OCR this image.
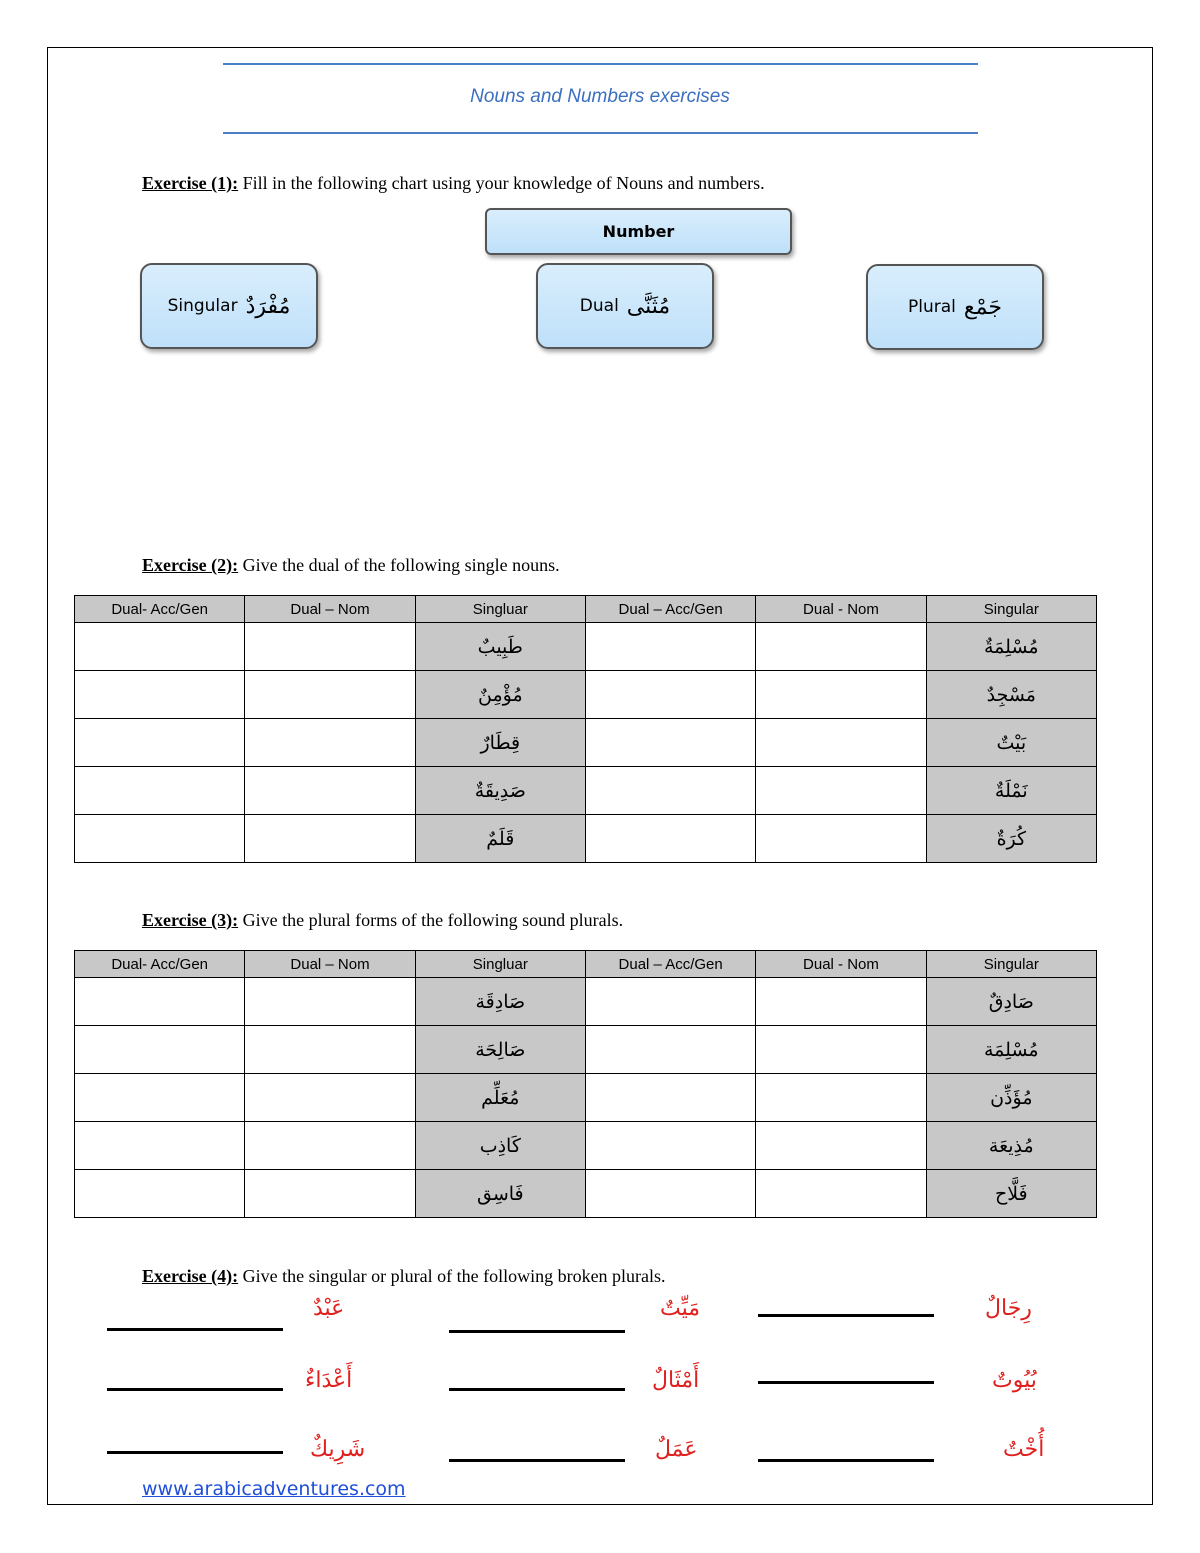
Nouns and Numbers exercises
Exercise (1): Fill in the following chart using your knowledge of Nouns and numbers.
Number
Singular مُفْرَدٌ	Dual مُثَنَّى	Plural جَمْع
Exercise (2): Give the dual of the following single nouns.
Dual- Acc/Gen	Dual – Nom	Singluar	Dual – Acc/Gen	Dual - Nom	Singular
		طَبِيبٌ			مُسْلِمَةٌ
		مُؤْمِنٌ			مَسْجِدٌ
		قِطَارٌ			بَيْتٌ
		صَدِيقَةٌ			نَمْلَةٌ
		قَلَمٌ			كُرَةٌ
Exercise (3): Give the plural forms of the following sound plurals.
Dual- Acc/Gen	Dual – Nom	Singluar	Dual – Acc/Gen	Dual - Nom	Singular
		صَادِقَة			صَادِقٌ
		صَالِحَة			مُسْلِمَة
		مُعَلِّم			مُؤَذِّن
		كَاذِب			مُذِيعَة
		فَاسِق			فَلَّاح
Exercise (4): Give the singular or plural of the following broken plurals.
عَبْدٌ	مَيِّتٌ	رِجَالٌ
أَعْدَاءٌ	أَمْثَالٌ	بُيُوتٌ
شَرِيكٌ	عَمَلٌ	أُخْتٌ
www.arabicadventures.com
